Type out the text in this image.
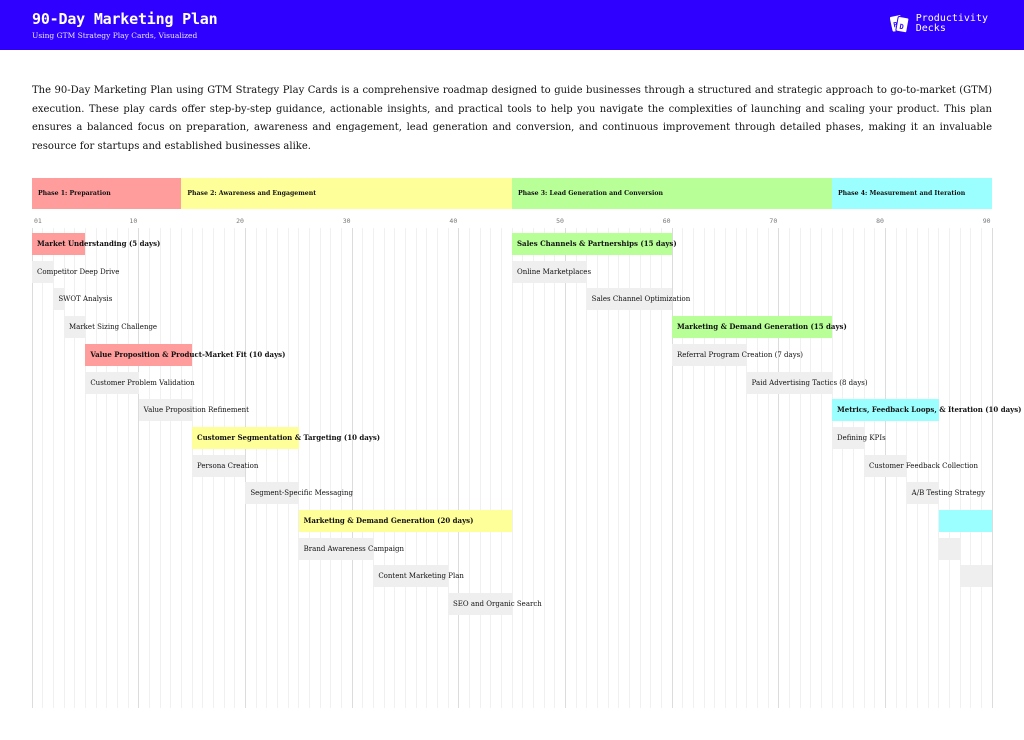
90-Day Marketing Plan
Using GTM Strategy Play Cards, Visualized
P D
Productivity
Decks

The 90-Day Marketing Plan using GTM Strategy Play Cards is a comprehensive roadmap designed to guide businesses through a structured and strategic approach to go-to-market (GTM) execution. These play cards offer step-by-step guidance, actionable insights, and practical tools to help you navigate the complexities of launching and scaling your product. This plan ensures a balanced focus on preparation, awareness and engagement, lead generation and conversion, and continuous improvement through detailed phases, making it an invaluable resource for startups and established businesses alike.

Phase 1: Preparation	Phase 2: Awareness and Engagement	Phase 3: Lead Generation and Conversion	Phase 4: Measurement and Iteration
01	10	20	30	40	50	60	70	80	90
Market Understanding (5 days)
Competitor Deep Drive
SWOT Analysis
Market Sizing Challenge
Value Proposition & Product-Market Fit (10 days)
Customer Problem Validation
Value Proposition Refinement
Customer Segmentation & Targeting (10 days)
Persona Creation
Segment-Specific Messaging
Marketing & Demand Generation (20 days)
Brand Awareness Campaign
Content Marketing Plan
SEO and Organic Search
Sales Channels & Partnerships (15 days)
Online Marketplaces
Sales Channel Optimization
Marketing & Demand Generation (15 days)
Referral Program Creation (7 days)
Paid Advertising Tactics (8 days)
Metrics, Feedback Loops, & Iteration (10 days)
Defining KPIs
Customer Feedback Collection
A/B Testing Strategy
